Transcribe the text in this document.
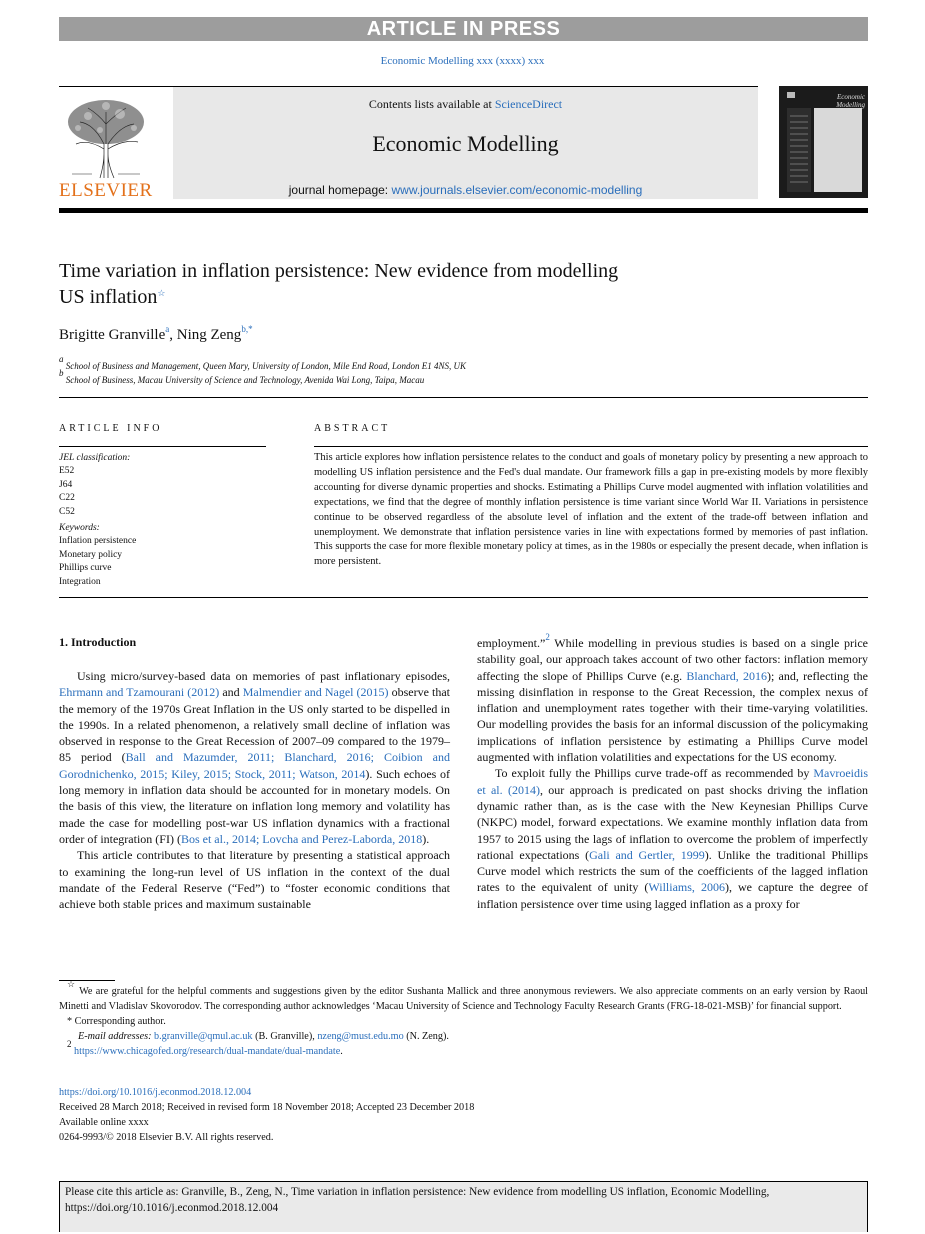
ARTICLE IN PRESS
Economic Modelling xxx (xxxx) xxx
ELSEVIER
Contents lists available at ScienceDirect
Economic Modelling
journal homepage: www.journals.elsevier.com/economic-modelling
Economic Modelling
Time variation in inflation persistence: New evidence from modelling
US inflation☆
Brigitte Granville$^a$, Ning Zeng$^{b,*}$
$^a$ School of Business and Management, Queen Mary, University of London, Mile End Road, London E1 4NS, UK
$^b$ School of Business, Macau University of Science and Technology, Avenida Wai Long, Taipa, Macau
ARTICLE INFO	ABSTRACT
JEL classification:
E52
J64
C22
C52
Keywords:
Inflation persistence
Monetary policy
Phillips curve
Integration
This article explores how inflation persistence relates to the conduct and goals of monetary policy by presenting a new approach to modelling US inflation persistence and the Fed's dual mandate. Our framework fills a gap in pre-existing models by more flexibly accounting for diverse dynamic properties and shocks. Estimating a Phillips Curve model augmented with inflation volatilities and expectations, we find that the degree of monthly inflation persistence is time variant since World War II. Variations in persistence continue to be observed regardless of the absolute level of inflation and the extent of the trade-off between inflation and unemployment. We demonstrate that inflation persistence varies in line with expectations formed by memories of past inflation. This supports the case for more flexible monetary policy at times, as in the 1980s or especially the present decade, when inflation is more persistent.
1. Introduction

Using micro/survey-based data on memories of past inflationary episodes, Ehrmann and Tzamourani (2012) and Malmendier and Nagel (2015) observe that the memory of the 1970s Great Inflation in the US only started to be dispelled in the 1990s. In a related phenomenon, a relatively small decline of inflation was observed in response to the Great Recession of 2007–09 compared to the 1979–85 period (Ball and Mazumder, 2011; Blanchard, 2016; Coibion and Gorodnichenko, 2015; Kiley, 2015; Stock, 2011; Watson, 2014). Such echoes of long memory in inflation data should be accounted for in monetary models. On the basis of this view, the literature on inflation long memory and volatility has made the case for modelling post-war US inflation dynamics with a fractional order of integration (FI) (Bos et al., 2014; Lovcha and Perez-Laborda, 2018).

This article contributes to that literature by presenting a statistical approach to examining the long-run level of US inflation in the context of the dual mandate of the Federal Reserve (“Fed”) to “foster economic conditions that achieve both stable prices and maximum sustainable

employment.”$^2$ While modelling in previous studies is based on a single price stability goal, our approach takes account of two other factors: inflation memory affecting the slope of Phillips Curve (e.g. Blanchard, 2016); and, reflecting the missing disinflation in response to the Great Recession, the complex nexus of inflation and unemployment rates together with their time-varying volatilities. Our modelling provides the basis for an informal discussion of the policymaking implications of inflation persistence by estimating a Phillips Curve model augmented with inflation volatilities and expectations for the US economy.

To exploit fully the Phillips curve trade-off as recommended by Mavroeidis et al. (2014), our approach is predicated on past shocks driving the inflation dynamic rather than, as is the case with the New Keynesian Phillips Curve (NKPC) model, forward expectations. We examine monthly inflation data from 1957 to 2015 using the lags of inflation to overcome the problem of imperfectly rational expectations (Gali and Gertler, 1999). Unlike the traditional Phillips Curve model which restricts the sum of the coefficients of the lagged inflation rates to the equivalent of unity (Williams, 2006), we capture the degree of inflation persistence over time using lagged inflation as a proxy for

☆ We are grateful for the helpful comments and suggestions given by the editor Sushanta Mallick and three anonymous reviewers. We also appreciate comments on an early version by Raoul Minetti and Vladislav Skovorodov. The corresponding author acknowledges ‘Macau University of Science and Technology Faculty Research Grants (FRG-18-021-MSB)’ for financial support.
* Corresponding author.
E-mail addresses: b.granville@qmul.ac.uk (B. Granville), nzeng@must.edu.mo (N. Zeng).
$^2$ https://www.chicagofed.org/research/dual-mandate/dual-mandate.
https://doi.org/10.1016/j.econmod.2018.12.004
Received 28 March 2018; Received in revised form 18 November 2018; Accepted 23 December 2018
Available online xxxx
0264-9993/© 2018 Elsevier B.V. All rights reserved.
Please cite this article as: Granville, B., Zeng, N., Time variation in inflation persistence: New evidence from modelling US inflation, Economic Modelling, https://doi.org/10.1016/j.econmod.2018.12.004
